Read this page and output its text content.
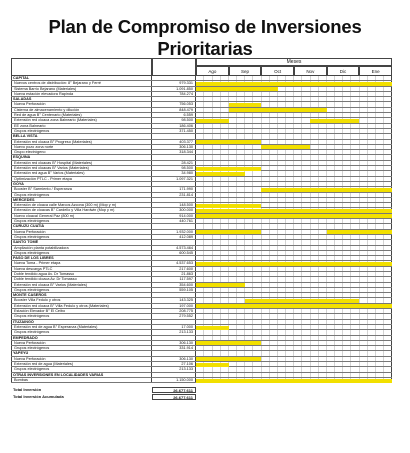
Plan de Compromiso de Inversiones Prioritarias
Meses
Ago	Sep	Oct	Nov	Dic	Ene
CAPITAL
Nuevos centros de distribución: 8° Bejarano y Ferré	979.331
Sistema Barrio Bejarano (Materiales)	1.091.850
Nueva estación elevadora Rapinda	784.274
SALADAS
Nueva Perforación	756.053
Cisterna de almacenamiento y dilución	848.479
Red de agua B° Centenario (Materiales)	6.559
Extensión red cloaca zona Balneario (Materiales)	98.500
EE zona Balneario	186.406
Grupos electrógenos	371.450
BELLA VISTA
Extensión red cloaca B° Progreso (Materiales)	403.377
Nuevo pozo zona norte	306.130
Grupo electrógeno	318.344
ESQUINA
Extensión red cloacas B° Hospital (Materiales)	28.421
Extensión red cloacas B° Varios (Materiales)	98.500
Extensión red agua B° Varios (Materiales)	34.980
Optimización PTLC - Primer etapa	1.097.321
GOYA
Booster B° Sarmiento / Esperanza	171.990
Grupos electrógenos	231.814
MERCEDES
Extensión de cloaca calle Marcos Azcona (300 m) (Mop y m)	148.500
Extensión de cloacas B° Cardello y Villa Hardwin (Mop y m)	300.000
Nuevo cloacal General Paz (800 m)	914.000
Grupos electrógenos	440.761
CURUZÚ CUATIÁ
Nueva Perforación	1.932.000
Grupos electrógenos	412.089
SANTO TOMÉ
Ampliación planta potabilizadora	4.573.464
Grupos electrógenos	600.545
PASO DE LOS LIBRES
Nueva Toma - Primer etapa	4.537.653
Nueva descarga PTLC	217.600
Doble tendido agua Av. Dr Tomasso	21.863
Doble tendido cloaca Av. Dr Tomasso	117.597
Extensión red cloaca B° Varios (Materiales)	354.600
Grupos electrógenos	559.105
MONTE CASEROS
Booster Villa Fedulo y otros	143.325
Extensión red cloaca B° Villa Fedulo y otros (Materiales)	197.000
Estación Elevador B° El Ceibo	208.775
Grupos electrógenos	279.552
ITUZAINGÓ
Extensión red de agua B° Esperanza (Materiales)	17.000
Grupos electrógenos	213.133
EMPEDRADO
Nueva Perforación	306.130
Grupos electrógenos	331.914
YAPEYÚ
Nueva Perforación	306.130
Extensión red de agua (Materiales)	27.106
Grupos electrógenos	213.133
OTRAS INVERSIONES EN LOCALIDADES VARIAS
Bombas	1.150.000
Total Inversión	26.677.611
Total Inversión Acumulada	26.677.611
